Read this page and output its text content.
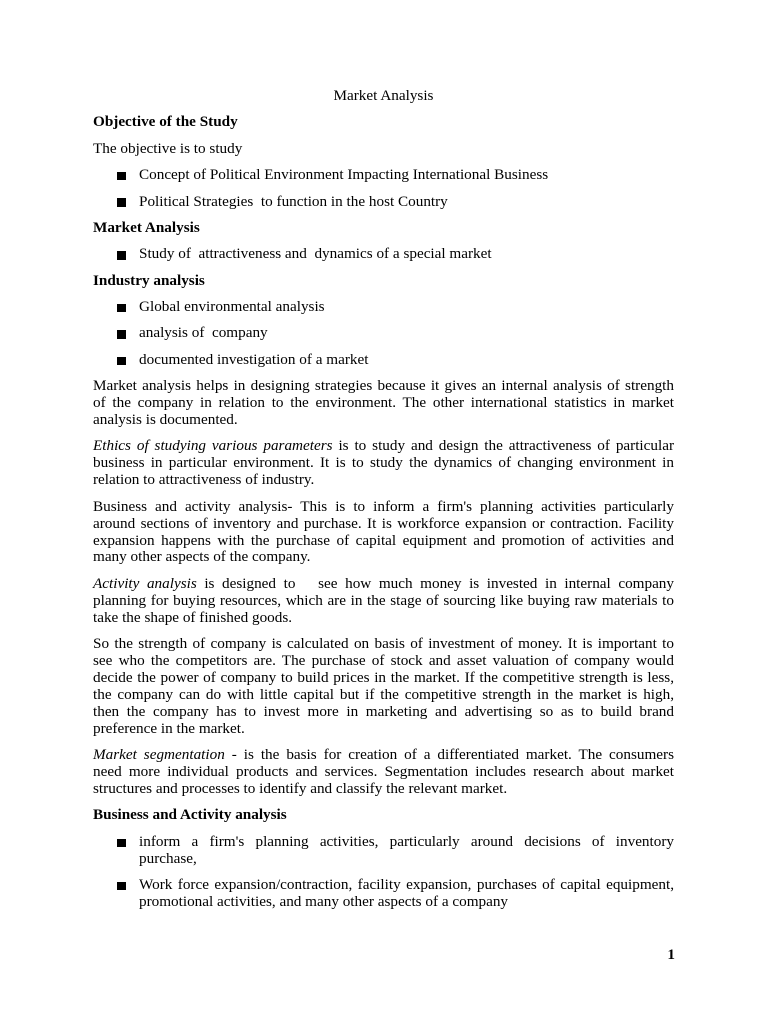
Market Analysis
Objective of the Study
The objective is to study
Concept of Political Environment Impacting International Business
Political Strategies  to function in the host Country
Market Analysis
Study of  attractiveness and  dynamics of a special market
Industry analysis
Global environmental analysis
analysis of  company
documented investigation of a market
Market analysis helps in designing strategies because it gives an internal analysis of strength
of the company in relation to the environment. The other international statistics in market
analysis is documented.
Ethics of studying various parameters is to study and design the attractiveness of particular
business in particular environment. It is to study the dynamics of changing environment in
relation to attractiveness of industry.
Business and activity analysis- This is to inform a firm's planning activities particularly
around sections of inventory and purchase. It is workforce expansion or contraction. Facility
expansion happens with the purchase of capital equipment and promotion of activities and
many other aspects of the company.
Activity analysis is designed to   see how much money is invested in internal company
planning for buying resources, which are in the stage of sourcing like buying raw materials to
take the shape of finished goods.
So the strength of company is calculated on basis of investment of money. It is important to
see who the competitors are. The purchase of stock and asset valuation of company would
decide the power of company to build prices in the market. If the competitive strength is less,
the company can do with little capital but if the competitive strength in the market is high,
then the company has to invest more in marketing and advertising so as to build brand
preference in the market.
Market segmentation - is the basis for creation of a differentiated market. The consumers
need more individual products and services. Segmentation includes research about market
structures and processes to identify and classify the relevant market.
Business and Activity analysis
inform a firm's planning activities, particularly around decisions of inventory
purchase,
Work force expansion/contraction, facility expansion, purchases of capital equipment,
promotional activities, and many other aspects of a company
1
